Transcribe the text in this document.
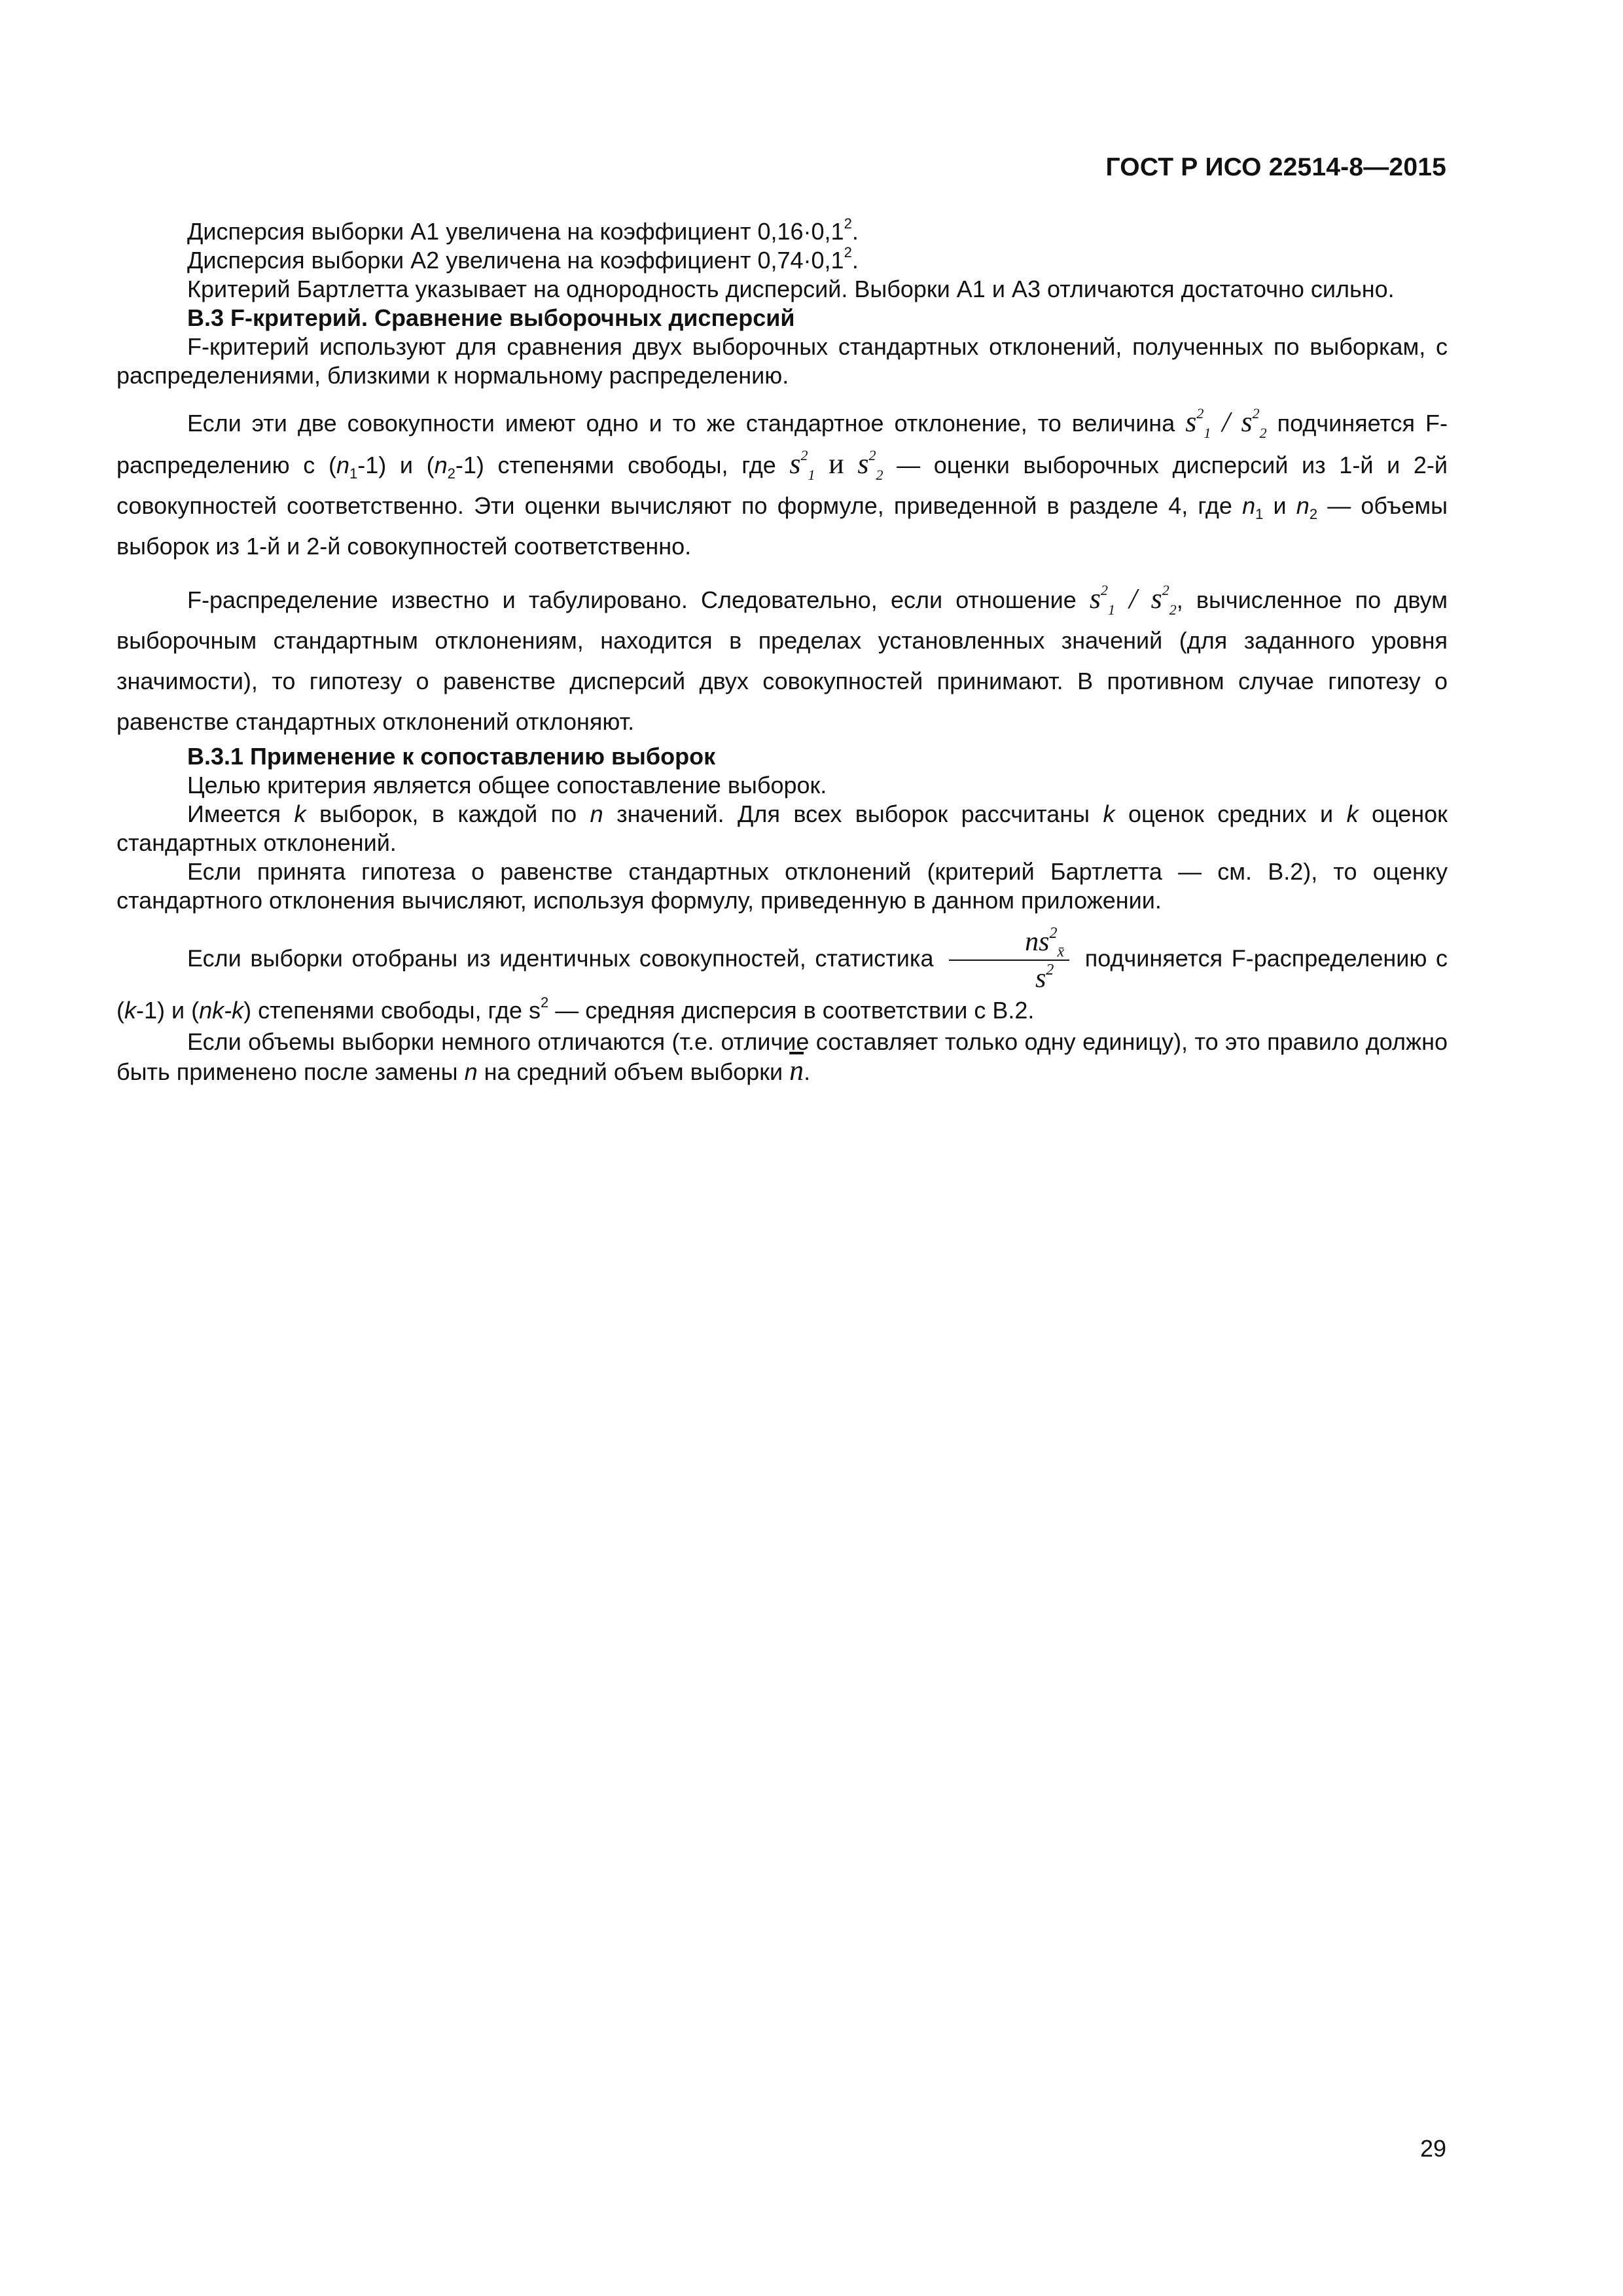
ГОСТ Р ИСО 22514-8—2015

Дисперсия выборки А1 увеличена на коэффициент $0,16\cdot 0,1^2$.

Дисперсия выборки А2 увеличена на коэффициент $0,74\cdot 0,1^2$.

Критерий Бартлетта указывает на однородность дисперсий. Выборки А1 и А3 отличаются достаточно сильно.

В.3 F-критерий. Сравнение выборочных дисперсий

F-критерий используют для сравнения двух выборочных стандартных отклонений, полученных по выборкам, с распределениями, близкими к нормальному распределению.

Если эти две совокупности имеют одно и то же стандартное отклонение, то величина $s^2_1 / s^2_2$ подчиняется F-распределению с $(n_1-1)$ и $(n_2-1)$ степенями свободы, где $s^2_1$ и $s^2_2$ — оценки выборочных дисперсий из 1-й и 2-й совокупностей соответственно. Эти оценки вычисляют по формуле, приведенной в разделе 4, где $n_1$ и $n_2$ — объемы выборок из 1-й и 2-й совокупностей соответственно.

F-распределение известно и табулировано. Следовательно, если отношение $s^2_1 / s^2_2$, вычисленное по двум выборочным стандартным отклонениям, находится в пределах установленных значений (для заданного уровня значимости), то гипотезу о равенстве дисперсий двух совокупностей принимают. В противном случае гипотезу о равенстве стандартных отклонений отклоняют.

В.3.1 Применение к сопоставлению выборок

Целью критерия является общее сопоставление выборок.

Имеется k выборок, в каждой по n значений. Для всех выборок рассчитаны k оценок средних и k оценок стандартных отклонений.

Если принята гипотеза о равенстве стандартных отклонений (критерий Бартлетта — см. В.2), то оценку стандартного отклонения вычисляют, используя формулу, приведенную в данном приложении.

Если выборки отобраны из идентичных совокупностей, статистика $\frac{ns^2_{x̄}}{s^2}$ подчиняется F-распределению с (k-1) и (nk-k) степенями свободы, где $s^2$ — средняя дисперсия в соответствии с В.2.

Если объемы выборки немного отличаются (т.е. отличие составляет только одну единицу), то это правило должно быть применено после замены n на средний объем выборки $\overline{n}$.

29
